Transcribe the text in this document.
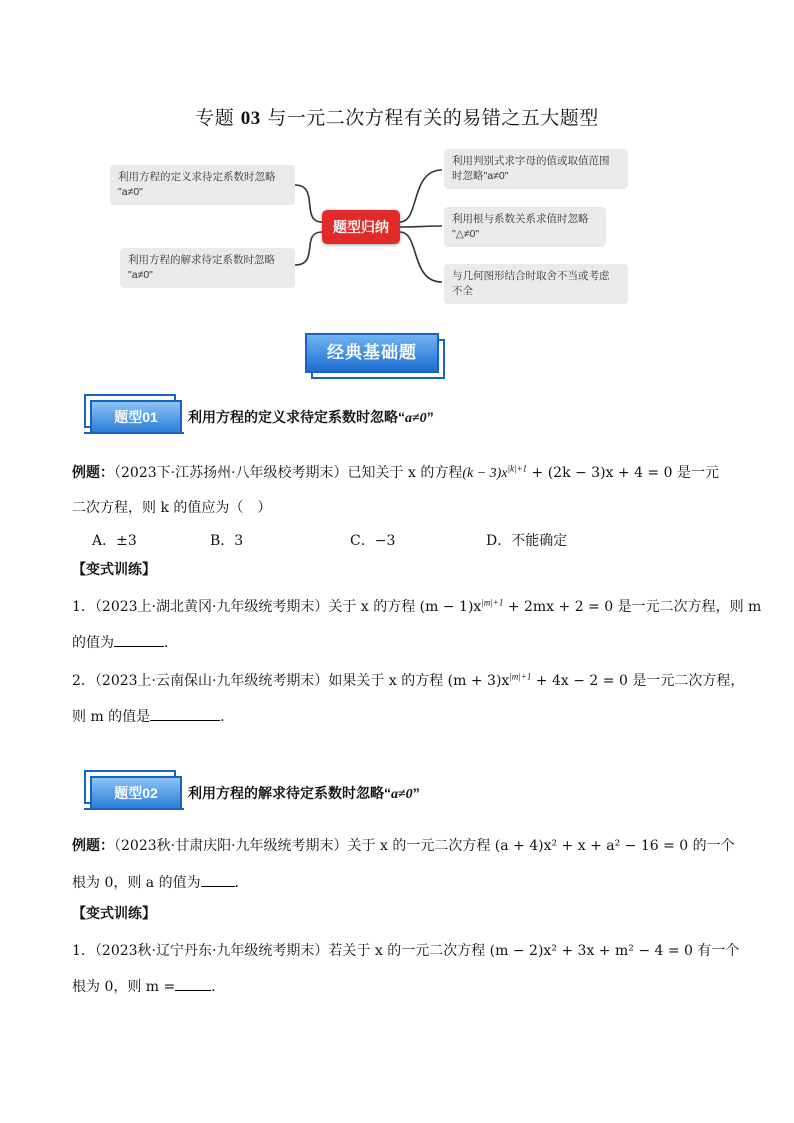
专题 03 与一元二次方程有关的易错之五大题型
利用方程的定义求待定系数时忽略
"a≠0"
利用方程的解求待定系数时忽略
"a≠0"
利用判别式求字母的值或取值范围
时忽略"a≠0"
利用根与系数关系求值时忽略
"△≠0"
与几何图形结合时取舍不当或考虑
不全
题型归纳
经典基础题
题型01	利用方程的定义求待定系数时忽略“a≠0”
例题：（2023下·江苏扬州·八年级校考期末）已知关于 x 的方程$(k - 3)x^{|k|+1} + (2k - 3)x + 4 = 0$ 是一元
二次方程，则 k 的值应为（　）
A．±3	B．3	C．−3	D．不能确定
【变式训练】
1．（2023上·湖北黄冈·九年级统考期末）关于 x 的方程 $(m - 1)x^{|m|+1} + 2mx + 2 = 0$ 是一元二次方程，则 m
的值为	．
2．（2023上·云南保山·九年级统考期末）如果关于 x 的方程 $(m + 3)x^{|m|+1} + 4x - 2 = 0$ 是一元二次方程，
则 m 的值是	．
题型02	利用方程的解求待定系数时忽略“a≠0”
例题：（2023秋·甘肃庆阳·九年级统考期末）关于 x 的一元二次方程 (a + 4)x² + x + a² − 16 = 0 的一个
根为 0，则 a 的值为 ．
【变式训练】
1．（2023秋·辽宁丹东·九年级统考期末）若关于 x 的一元二次方程 (m − 2)x² + 3x + m² − 4 = 0 有一个
根为 0，则 m =	．
